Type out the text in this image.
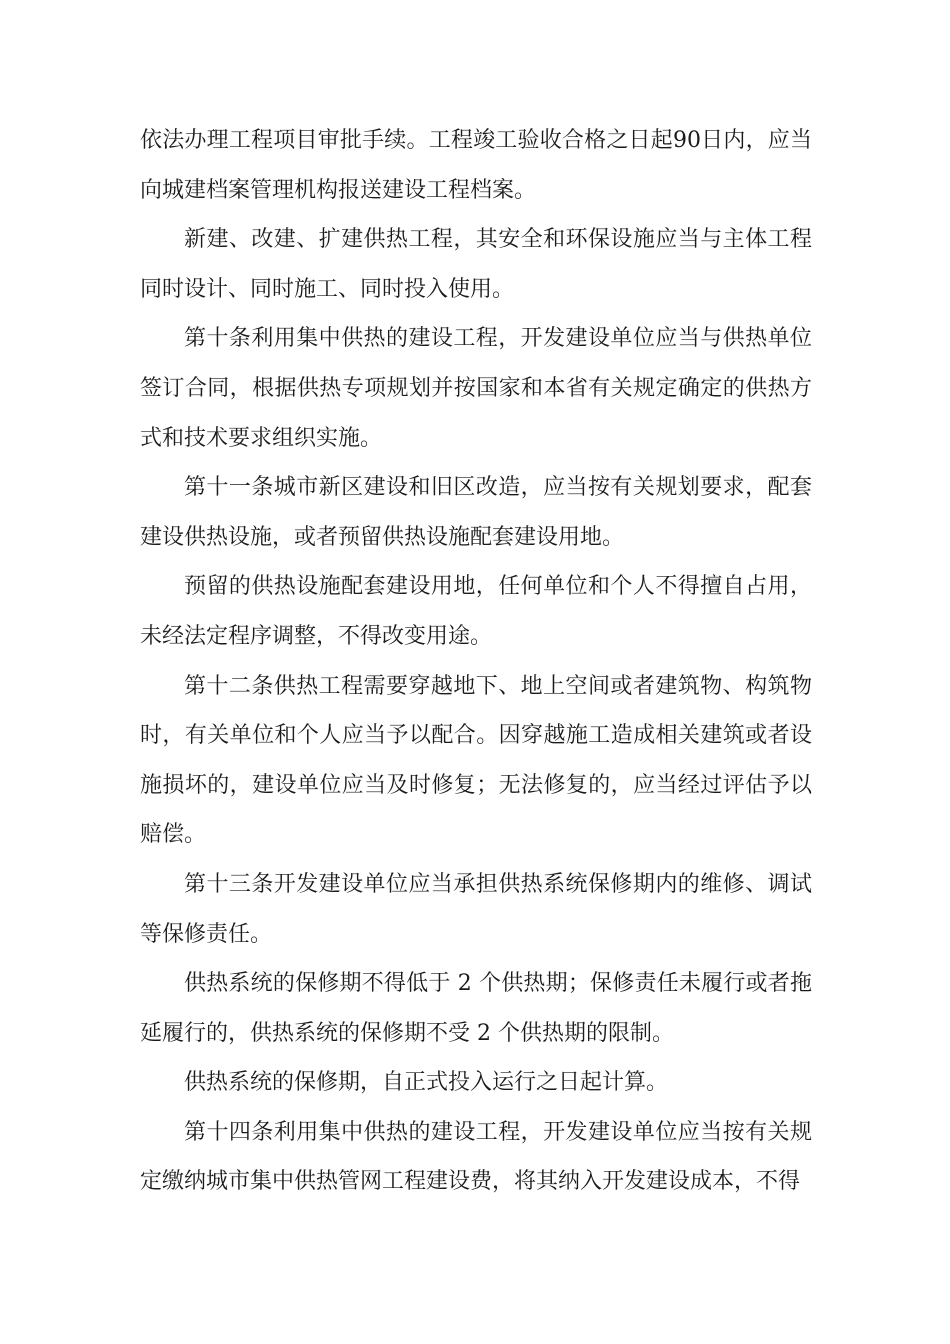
依法办理工程项目审批手续。工程竣工验收合格之日起90日内，应当向城建档案管理机构报送建设工程档案。

新建、改建、扩建供热工程，其安全和环保设施应当与主体工程同时设计、同时施工、同时投入使用。

第十条利用集中供热的建设工程，开发建设单位应当与供热单位签订合同，根据供热专项规划并按国家和本省有关规定确定的供热方式和技术要求组织实施。

第十一条城市新区建设和旧区改造，应当按有关规划要求，配套建设供热设施，或者预留供热设施配套建设用地。

预留的供热设施配套建设用地，任何单位和个人不得擅自占用，未经法定程序调整，不得改变用途。

第十二条供热工程需要穿越地下、地上空间或者建筑物、构筑物时，有关单位和个人应当予以配合。因穿越施工造成相关建筑或者设施损坏的，建设单位应当及时修复；无法修复的，应当经过评估予以赔偿。

第十三条开发建设单位应当承担供热系统保修期内的维修、调试等保修责任。

供热系统的保修期不得低于 2 个供热期；保修责任未履行或者拖延履行的，供热系统的保修期不受 2 个供热期的限制。

供热系统的保修期，自正式投入运行之日起计算。

第十四条利用集中供热的建设工程，开发建设单位应当按有关规定缴纳城市集中供热管网工程建设费，将其纳入开发建设成本，不得
